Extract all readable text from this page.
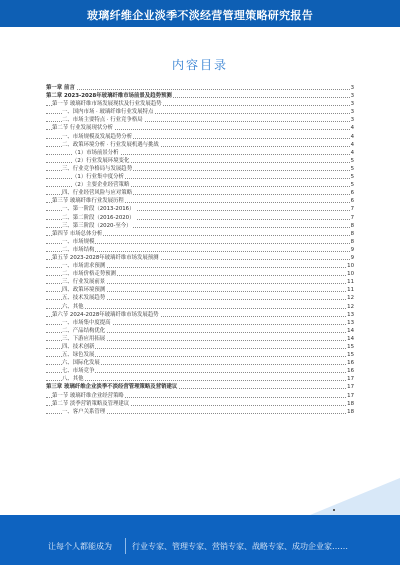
玻璃纤维企业淡季不淡经营管理策略研究报告
内容目录
第一章 前言	3
第二章 2023-2028年玻璃纤维市场前景及趋势预测	3
第一节 玻璃纤维市场发展现状及行业发展趋势	3
一、国内市场 · 玻璃纤维行业发展特点	3
二、市场主要特点 · 行业竞争格局	3
第二节 行业发展现状分析	4
一、市场规模及发展趋势分析	4
二、政策环境分析 · 行业发展机遇与挑战	4
（1）市场前景分析	4
（2）行业发展环境变化	5
三、行业竞争格局与发展趋势	5
（1）行业集中度分析	5
（2）主要企业经营策略	5
四、行业经营风险与应对策略	6
第三节 玻璃纤维行业发展历程	6
一、第一阶段（2013-2016）	7
二、第二阶段（2016-2020）	7
三、第三阶段（2020-至今）	8
第四节 市场总体分析	8
一、市场规模	8
二、市场结构	9
第五节 2023-2028年玻璃纤维市场发展预测	9
一、市场需求预测	10
二、市场价格走势预测	10
三、行业发展前景	11
四、政策环境预测	11
五、技术发展趋势	12
六、其他	12
第六节 2024-2028年玻璃纤维市场发展趋势	13
一、市场集中度提高	13
二、产品结构优化	14
三、下游应用拓展	14
四、技术创新	15
五、绿色发展	15
六、国际化发展	16
七、市场竞争	16
八、其他	17
第三章 玻璃纤维企业淡季不淡经营管理策略及营销建议	17
第一节 玻璃纤维企业经营策略	17
第二节 淡季营销策略及管理建议	18
一、客户关系管理	18
让每个人都能成为	行业专家、管理专家、营销专家、战略专家、成功企业家……
